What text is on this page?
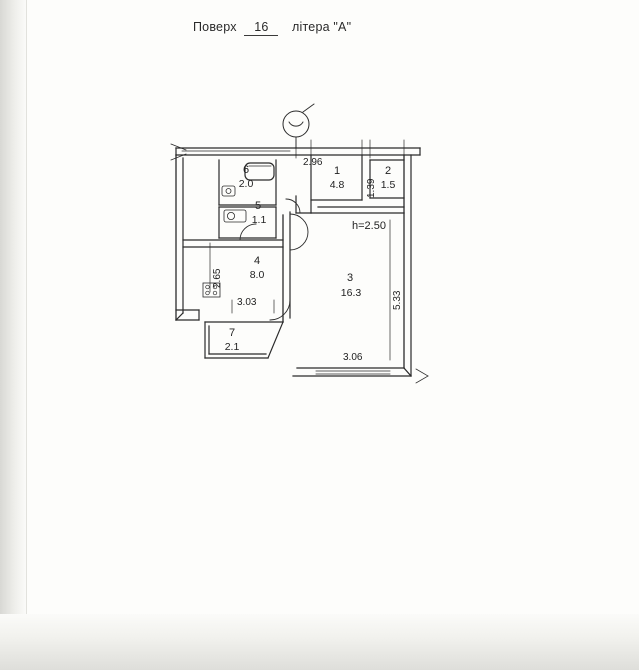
Поверх 16 літера "А"
6
2.0
5
1.1
4
8.0
7
2.1
1
4.8
2
1.5
3
16.3
h=2.50
2.96
1.39
5.33
3.06
3.03
2.65
